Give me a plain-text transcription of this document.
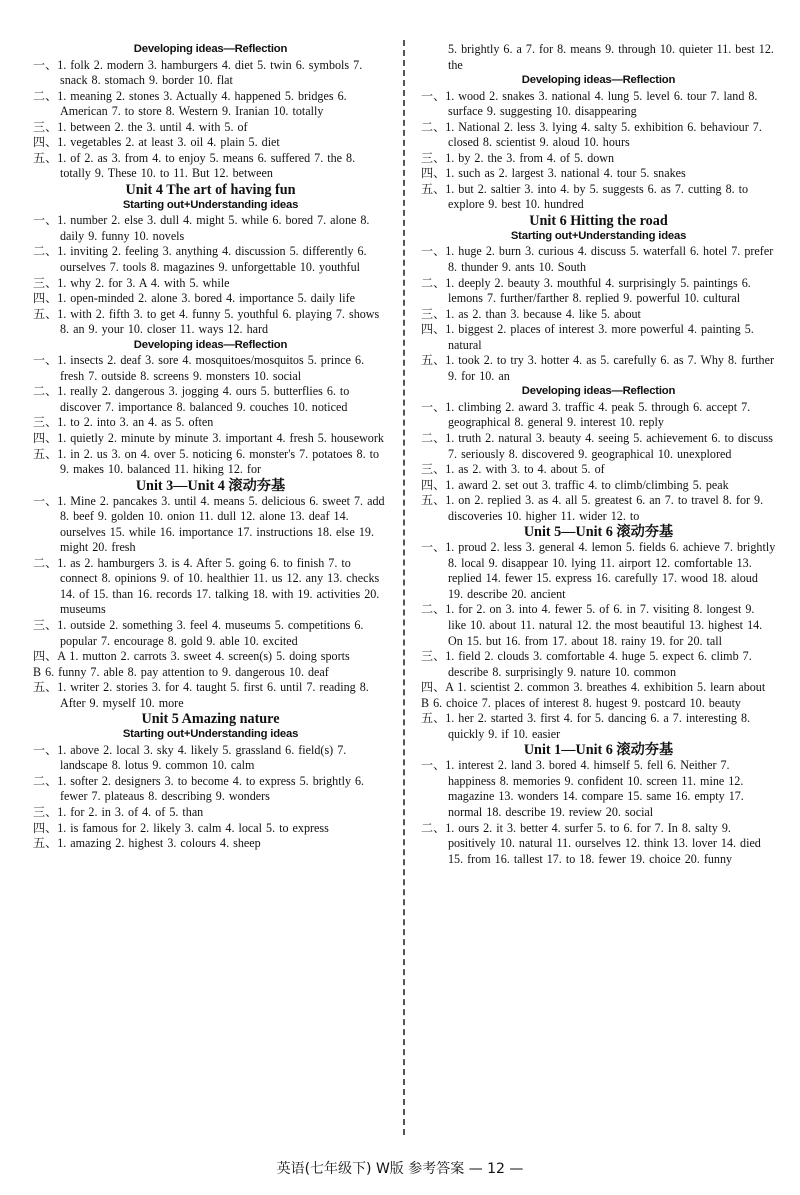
Developing ideas—Reflection
一、1. folk 2. modern 3. hamburgers 4. diet 5. twin 6. symbols 7. snack 8. stomach 9. border 10. flat
二、1. meaning 2. stones 3. Actually 4. happened 5. bridges 6. American 7. to store 8. Western 9. Iranian 10. totally
三、1. between 2. the 3. until 4. with 5. of
四、1. vegetables 2. at least 3. oil 4. plain 5. diet
五、1. of 2. as 3. from 4. to enjoy 5. means 6. suffered 7. the 8. totally 9. These 10. to 11. But 12. between
Unit 4 The art of having fun
Starting out+Understanding ideas
一、1. number 2. else 3. dull 4. might 5. while 6. bored 7. alone 8. daily 9. funny 10. novels
二、1. inviting 2. feeling 3. anything 4. discussion 5. differently 6. ourselves 7. tools 8. magazines 9. unforgettable 10. youthful
三、1. why 2. for 3. A 4. with 5. while
四、1. open-minded 2. alone 3. bored 4. importance 5. daily life
五、1. with 2. fifth 3. to get 4. funny 5. youthful 6. playing 7. shows 8. an 9. your 10. closer 11. ways 12. hard
Developing ideas—Reflection
一、1. insects 2. deaf 3. sore 4. mosquitoes/mosquitos 5. prince 6. fresh 7. outside 8. screens 9. monsters 10. social
二、1. really 2. dangerous 3. jogging 4. ours 5. butterflies 6. to discover 7. importance 8. balanced 9. couches 10. noticed
三、1. to 2. into 3. an 4. as 5. often
四、1. quietly 2. minute by minute 3. important 4. fresh 5. housework
五、1. in 2. us 3. on 4. over 5. noticing 6. monster's 7. potatoes 8. to 9. makes 10. balanced 11. hiking 12. for
Unit 3—Unit 4 滚动夯基
一、1. Mine 2. pancakes 3. until 4. means 5. delicious 6. sweet 7. add 8. beef 9. golden 10. onion 11. dull 12. alone 13. deaf 14. ourselves 15. while 16. importance 17. instructions 18. else 19. might 20. fresh
二、1. as 2. hamburgers 3. is 4. After 5. going 6. to finish 7. to connect 8. opinions 9. of 10. healthier 11. us 12. any 13. checks 14. of 15. than 16. records 17. talking 18. with 19. activities 20. museums
三、1. outside 2. something 3. feel 4. museums 5. competitions 6. popular 7. encourage 8. gold 9. able 10. excited
四、A 1. mutton 2. carrots 3. sweet 4. screen(s) 5. doing sports
B 6. funny 7. able 8. pay attention to 9. dangerous 10. deaf
五、1. writer 2. stories 3. for 4. taught 5. first 6. until 7. reading 8. After 9. myself 10. more
Unit 5 Amazing nature
Starting out+Understanding ideas
一、1. above 2. local 3. sky 4. likely 5. grassland 6. field(s) 7. landscape 8. lotus 9. common 10. calm
二、1. softer 2. designers 3. to become 4. to express 5. brightly 6. fewer 7. plateaus 8. describing 9. wonders
三、1. for 2. in 3. of 4. of 5. than
四、1. is famous for 2. likely 3. calm 4. local 5. to express
五、1. amazing 2. highest 3. colours 4. sheep
5. brightly 6. a 7. for 8. means 9. through 10. quieter 11. best 12. the
Developing ideas—Reflection
一、1. wood 2. snakes 3. national 4. lung 5. level 6. tour 7. land 8. surface 9. suggesting 10. disappearing
二、1. National 2. less 3. lying 4. salty 5. exhibition 6. behaviour 7. closed 8. scientist 9. aloud 10. hours
三、1. by 2. the 3. from 4. of 5. down
四、1. such as 2. largest 3. national 4. tour 5. snakes
五、1. but 2. saltier 3. into 4. by 5. suggests 6. as 7. cutting 8. to explore 9. best 10. hundred
Unit 6 Hitting the road
Starting out+Understanding ideas
一、1. huge 2. burn 3. curious 4. discuss 5. waterfall 6. hotel 7. prefer 8. thunder 9. ants 10. South
二、1. deeply 2. beauty 3. mouthful 4. surprisingly 5. paintings 6. lemons 7. further/farther 8. replied 9. powerful 10. cultural
三、1. as 2. than 3. because 4. like 5. about
四、1. biggest 2. places of interest 3. more powerful 4. painting 5. natural
五、1. took 2. to try 3. hotter 4. as 5. carefully 6. as 7. Why 8. further 9. for 10. an
Developing ideas—Reflection
一、1. climbing 2. award 3. traffic 4. peak 5. through 6. accept 7. geographical 8. general 9. interest 10. reply
二、1. truth 2. natural 3. beauty 4. seeing 5. achievement 6. to discuss 7. seriously 8. discovered 9. geographical 10. unexplored
三、1. as 2. with 3. to 4. about 5. of
四、1. award 2. set out 3. traffic 4. to climb/climbing 5. peak
五、1. on 2. replied 3. as 4. all 5. greatest 6. an 7. to travel 8. for 9. discoveries 10. higher 11. wider 12. to
Unit 5—Unit 6 滚动夯基
一、1. proud 2. less 3. general 4. lemon 5. fields 6. achieve 7. brightly 8. local 9. disappear 10. lying 11. airport 12. comfortable 13. replied 14. fewer 15. express 16. carefully 17. wood 18. aloud 19. describe 20. ancient
二、1. for 2. on 3. into 4. fewer 5. of 6. in 7. visiting 8. longest 9. like 10. about 11. natural 12. the most beautiful 13. highest 14. On 15. but 16. from 17. about 18. rainy 19. for 20. tall
三、1. field 2. clouds 3. comfortable 4. huge 5. expect 6. climb 7. describe 8. surprisingly 9. nature 10. common
四、A 1. scientist 2. common 3. breathes 4. exhibition 5. learn about
B 6. choice 7. places of interest 8. hugest 9. postcard 10. beauty
五、1. her 2. started 3. first 4. for 5. dancing 6. a 7. interesting 8. quickly 9. if 10. easier
Unit 1—Unit 6 滚动夯基
一、1. interest 2. land 3. bored 4. himself 5. fell 6. Neither 7. happiness 8. memories 9. confident 10. screen 11. mine 12. magazine 13. wonders 14. compare 15. same 16. empty 17. normal 18. describe 19. review 20. social
二、1. ours 2. it 3. better 4. surfer 5. to 6. for 7. In 8. salty 9. positively 10. natural 11. ourselves 12. think 13. lover 14. died 15. from 16. tallest 17. to 18. fewer 19. choice 20. funny
英语(七年级下) W版 参考答案 — 12 —
